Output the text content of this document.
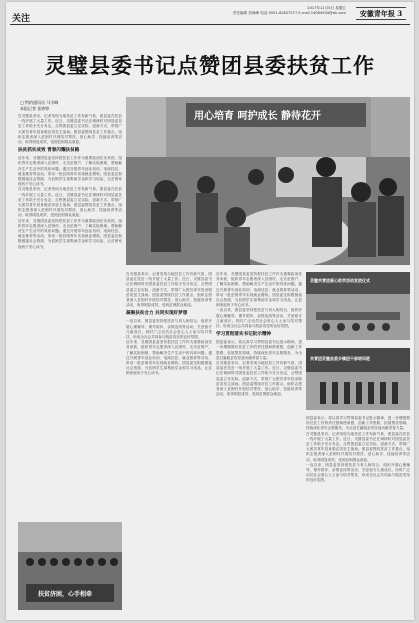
关注
2017年11月3日 星期五
责任编辑 刘海峰 电话 0551-62627577 E-mail 14064934@ah.com	安徽青年报 3
灵璧县委书记点赞团县委扶贫工作
□ 特约通讯员 马学峰
本报记者 张婷婷
在灵璧县采访，记者发现当地扶贫工作有新气象，团县委在扶贫一线开展了大量工作。近日，灵璧县委书记在调研时对团县委扶贫工作给予充分肯定，点赞团县委立足实际、创新方式，带领广大团员青年投身脱贫攻坚主战场。团县委围绕扶贫工作重点，组织志愿者深入贫困村开展结对帮扶、爱心助学、技能培训等活动，取得明显成效，受到贫困群众欢迎。
扶贫抓实成效 青春闪耀扶贫路
近年来，灵璧团县委坚持把扶贫工作作为重要政治任务来抓，组织青年志愿者深入贫困村，走访贫困户，了解实际困难，帮助解决生产生活中的具体问题。通过开展青年创业培训、电商扶贫、就业推荐等活动，带动一批贫困青年实现就业增收。团县委还积极链接社会资源，为贫困学生募集助学金和学习用品，让贫困家庭孩子安心读书。
在灵璧县采访，记者发现当地扶贫工作有新气象，团县委在扶贫一线开展了大量工作。近日，灵璧县委书记在调研时对团县委扶贫工作给予充分肯定，点赞团县委立足实际、创新方式，带领广大团员青年投身脱贫攻坚主战场。团县委围绕扶贫工作重点，组织志愿者深入贫困村开展结对帮扶、爱心助学、技能培训等活动，取得明显成效，受到贫困群众欢迎。
近年来，灵璧团县委坚持把扶贫工作作为重要政治任务来抓，组织青年志愿者深入贫困村，走访贫困户，了解实际困难，帮助解决生产生活中的具体问题。通过开展青年创业培训、电商扶贫、就业推荐等活动，带动一批贫困青年实现就业增收。团县委还积极链接社会资源，为贫困学生募集助学金和学习用品，让贫困家庭孩子安心读书。
用心培育 呵护成长 静待花开
在灵璧县采访，记者发现当地扶贫工作有新气象，团县委在扶贫一线开展了大量工作。近日，灵璧县委书记在调研时对团县委扶贫工作给予充分肯定，点赞团县委立足实际、创新方式，带领广大团员青年投身脱贫攻坚主战场。团县委围绕扶贫工作重点，组织志愿者深入贫困村开展结对帮扶、爱心助学、技能培训等活动，取得明显成效，受到贫困群众欢迎。
凝聚扶贫合力 共同实现好梦想
一直以来，团县委坚持把扶贫与育人相结合，组织开展心理辅导、课外陪伴、亲情连线等活动，关爱留守儿童成长。同时广泛动员社会爱心人士参与结对帮扶，形成全社会共同参与脱贫攻坚的良好氛围。
近年来，灵璧团县委坚持把扶贫工作作为重要政治任务来抓，组织青年志愿者深入贫困村，走访贫困户，了解实际困难，帮助解决生产生活中的具体问题。通过开展青年创业培训、电商扶贫、就业推荐等活动，带动一批贫困青年实现就业增收。团县委还积极链接社会资源，为贫困学生募集助学金和学习用品，让贫困家庭孩子安心读书。
近年来，灵璧团县委坚持把扶贫工作作为重要政治任务来抓，组织青年志愿者深入贫困村，走访贫困户，了解实际困难，帮助解决生产生活中的具体问题。通过开展青年创业培训、电商扶贫、就业推荐等活动，带动一批贫困青年实现就业增收。团县委还积极链接社会资源，为贫困学生募集助学金和学习用品，让贫困家庭孩子安心读书。
一直以来，团县委坚持把扶贫与育人相结合，组织开展心理辅导、课外陪伴、亲情连线等活动，关爱留守儿童成长。同时广泛动员社会爱心人士参与结对帮扶，形成全社会共同参与脱贫攻坚的良好氛围。
学习贯彻落实书记批示精神
团县委表示，将认真学习贯彻县委书记批示精神，进一步增强做好扶贫工作的责任感和使命感，创新工作思路，拓展帮扶领域，持续深化青年志愿服务，为全县打赢脱贫攻坚战贡献青春力量。
在灵璧县采访，记者发现当地扶贫工作有新气象，团县委在扶贫一线开展了大量工作。近日，灵璧县委书记在调研时对团县委扶贫工作给予充分肯定，点赞团县委立足实际、创新方式，带领广大团员青年投身脱贫攻坚主战场。团县委围绕扶贫工作重点，组织志愿者深入贫困村开展结对帮扶、爱心助学、技能培训等活动，取得明显成效，受到贫困群众欢迎。
灵璧共青团爱心助学活动发放仪式
共青团灵璧县委乡镇团干部培训班
团县委表示，将认真学习贯彻县委书记批示精神，进一步增强做好扶贫工作的责任感和使命感，创新工作思路，拓展帮扶领域，持续深化青年志愿服务，为全县打赢脱贫攻坚战贡献青春力量。
在灵璧县采访，记者发现当地扶贫工作有新气象，团县委在扶贫一线开展了大量工作。近日，灵璧县委书记在调研时对团县委扶贫工作给予充分肯定，点赞团县委立足实际、创新方式，带领广大团员青年投身脱贫攻坚主战场。团县委围绕扶贫工作重点，组织志愿者深入贫困村开展结对帮扶、爱心助学、技能培训等活动，取得明显成效，受到贫困群众欢迎。
一直以来，团县委坚持把扶贫与育人相结合，组织开展心理辅导、课外陪伴、亲情连线等活动，关爱留守儿童成长。同时广泛动员社会爱心人士参与结对帮扶，形成全社会共同参与脱贫攻坚的良好氛围。
扶贫济困，心手相牵
